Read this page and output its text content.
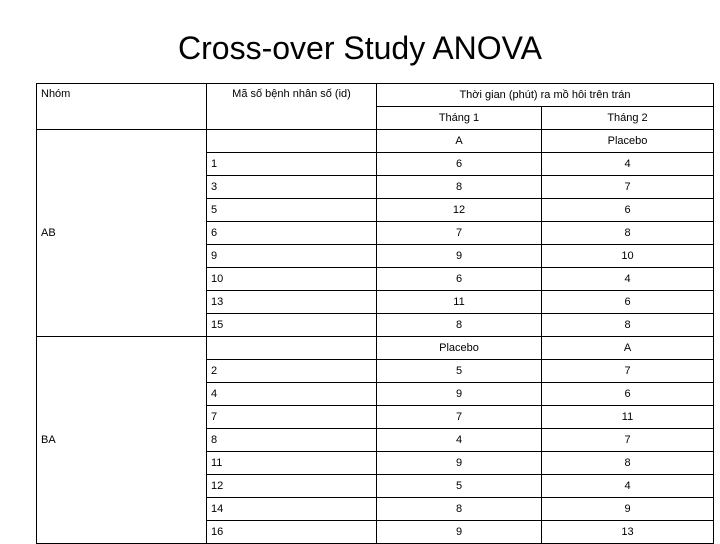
Cross-over Study ANOVA
Nhóm	Mã số bệnh nhân số (id)	Thời gian (phút) ra mồ hôi trên trán	
		Tháng 1	Tháng 2
AB		A	Placebo
	1	6	4
	3	8	7
	5	12	6
	6	7	8
	9	9	10
	10	6	4
	13	11	6
	15	8	8
BA		Placebo	A
	2	5	7
	4	9	6
	7	7	11
	8	4	7
	11	9	8
	12	5	4
	14	8	9
	16	9	13
